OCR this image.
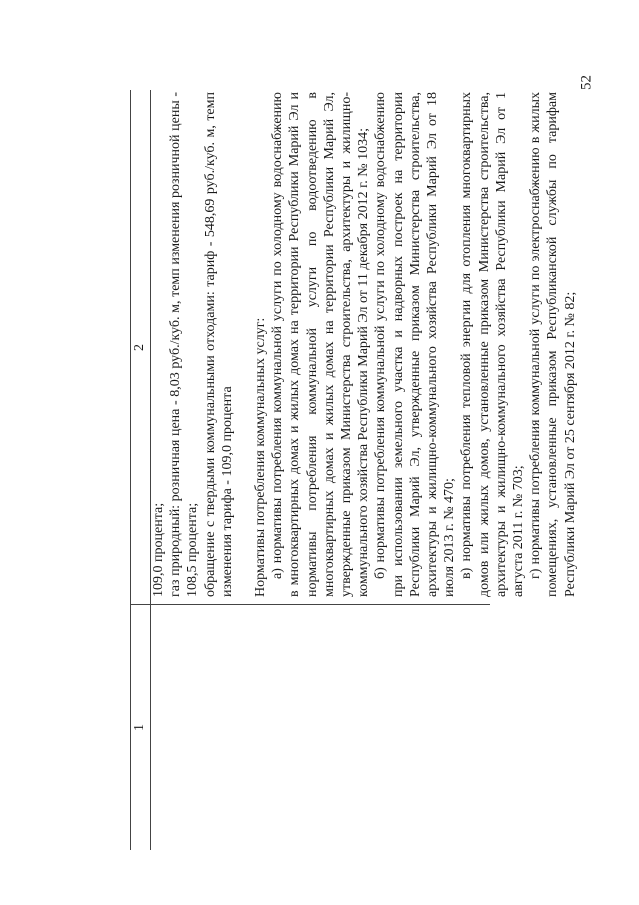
52
1
2

109,0 процента; газ природный: розничная цена - 8,03 руб./куб. м, темп изменения розничной цены - 108,5 процента; обращение с твердыми коммунальными отходами: тариф - 548,69 руб./куб. м, темп изменения тарифа - 109,0 процента Нормативы потребления коммунальных услуг: а) нормативы потребления коммунальной услуги по холодному водоснабжению в многоквартирных домах и жилых домах на территории Республики Марий Эл и нормативы потребления коммунальной услуги по водоотведению в многоквартирных домах и жилых домах на территории Республики Марий Эл, утвержденные приказом Министерства строительства, архитектуры и жилищно-коммунального хозяйства Республики Марий Эл от 11 декабря 2012 г. № 1034; б) нормативы потребления коммунальной услуги по холодному водоснабжению при использовании земельного участка и надворных построек на территории Республики Марий Эл, утвержденные приказом Министерства строительства, архитектуры и жилищно-коммунального хозяйства Республики Марий Эл от 18 июля 2013 г. № 470; в) нормативы потребления тепловой энергии для отопления многоквартирных домов или жилых домов, установленные приказом Министерства строительства, архитектуры и жилищно-коммунального хозяйства Республики Марий Эл от 1 августа 2011 г. № 703; г) нормативы потребления коммунальной услуги по электроснабжению в жилых помещениях, установленные приказом Республиканской службы по тарифам Республики Марий Эл от 25 сентября 2012 г. № 82;
